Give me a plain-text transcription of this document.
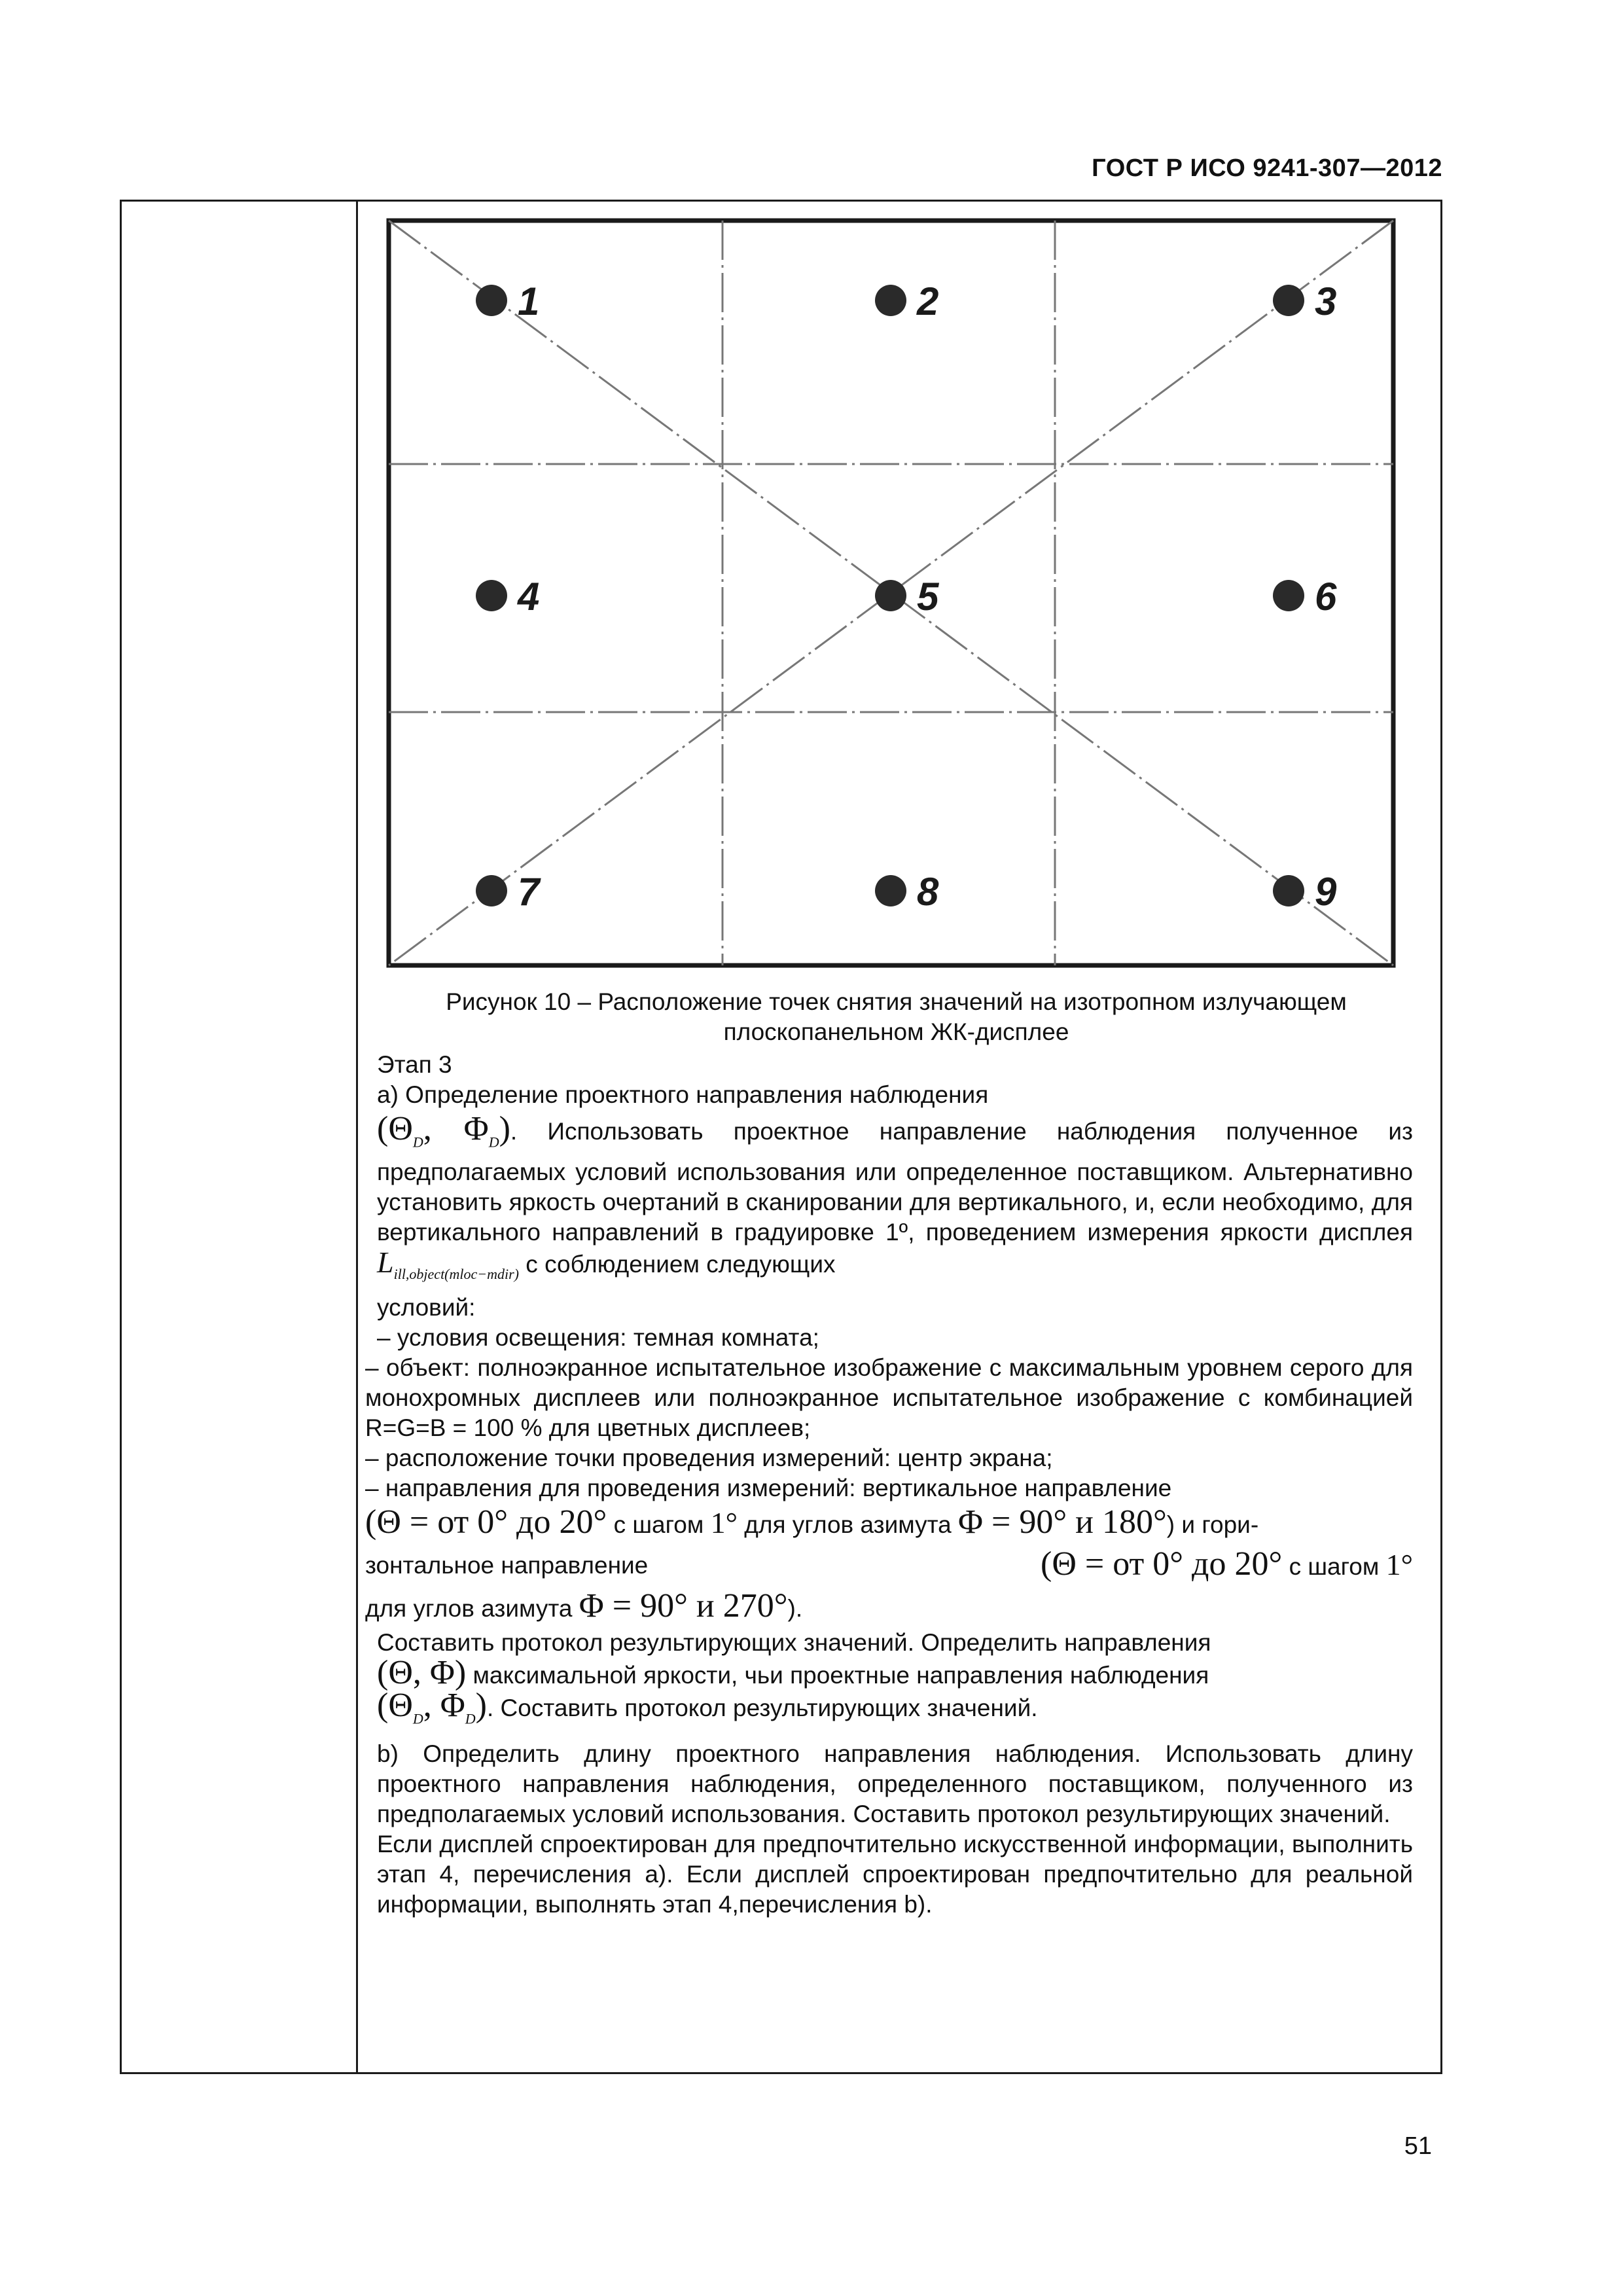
ГОСТ Р ИСО 9241-307—2012
1	2	3
4	5	6
7	8	9

Рисунок 10 – Расположение точек снятия значений на изотропном излучающем плоскопанельном ЖК-дисплее

Этап 3

а) Определение проектного направления наблюдения

($\Theta_D$, $\Phi_D$). Использовать проектное направление наблюдения полученное из предполагаемых условий использования или определенное поставщиком. Альтернативно установить яркость очертаний в сканировании для вертикального, и, если необходимо, для вертикального направлений в градуировке 1º, проведением измерения яркости дисплея $L_{ill,object(mloc-mdir)}$ с соблюдением следующих

условий:

– условия освещения: темная комната;

– объект: полноэкранное испытательное изображение с максимальным уровнем серого для монохромных дисплеев или полноэкранное испытательное изображение с комбинацией R=G=B = 100 % для цветных дисплеев;

– расположение точки проведения измерений: центр экрана;

– направления для проведения измерений: вертикальное направление

(Θ = от 0° до 20° с шагом 1° для углов азимута Φ = 90° и 180°) и гори-

зонтальное направление	(Θ = от 0° до 20° с шагом 1°

для углов азимута Φ = 90° и 270°).

Составить протокол результирующих значений. Определить направления

(Θ, Φ) максимальной яркости, чьи проектные направления наблюдения

($\Theta_D$, $\Phi_D$). Составить протокол результирующих значений.

b) Определить длину проектного направления наблюдения. Использовать длину проектного направления наблюдения, определенного поставщиком, полученного из предполагаемых условий использования. Составить протокол результирующих значений.

Если дисплей спроектирован для предпочтительно искусственной информации, выполнить этап 4, перечисления а). Если дисплей спроектирован предпочтительно для реальной информации, выполнять этап 4,перечисления b).

51
